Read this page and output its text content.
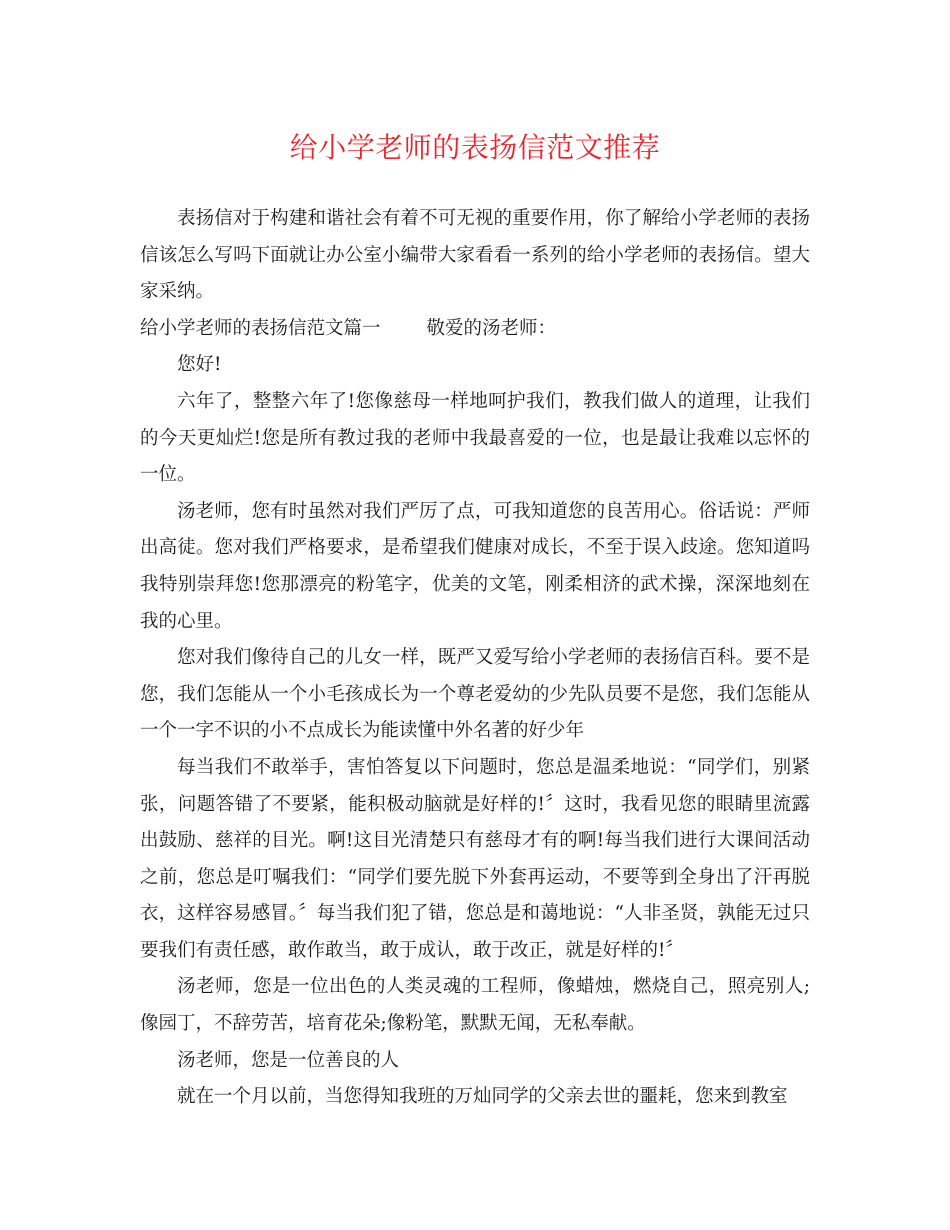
给小学老师的表扬信范文推荐

表扬信对于构建和谐社会有着不可无视的重要作用，你了解给小学老师的表扬信该怎么写吗下面就让办公室小编带大家看看一系列的给小学老师的表扬信。望大家采纳。

给小学老师的表扬信范文篇一 敬爱的汤老师：

您好!

六年了，整整六年了!您像慈母一样地呵护我们，教我们做人的道理，让我们的今天更灿烂!您是所有教过我的老师中我最喜爱的一位，也是最让我难以忘怀的一位。

汤老师，您有时虽然对我们严厉了点，可我知道您的良苦用心。俗话说：严师出高徒。您对我们严格要求，是希望我们健康对成长，不至于误入歧途。您知道吗我特别崇拜您!您那漂亮的粉笔字，优美的文笔，刚柔相济的武术操，深深地刻在我的心里。

您对我们像待自己的儿女一样，既严又爱写给小学老师的表扬信百科。要不是您，我们怎能从一个小毛孩成长为一个尊老爱幼的少先队员要不是您，我们怎能从一个一字不识的小不点成长为能读懂中外名著的好少年

每当我们不敢举手，害怕答复以下问题时，您总是温柔地说：“同学们，别紧张，问题答错了不要紧，能积极动脑就是好样的!〞这时，我看见您的眼睛里流露出鼓励、慈祥的目光。啊!这目光清楚只有慈母才有的啊!每当我们进行大课间活动之前，您总是叮嘱我们：“同学们要先脱下外套再运动，不要等到全身出了汗再脱衣，这样容易感冒。〞每当我们犯了错，您总是和蔼地说：“人非圣贤，孰能无过只要我们有责任感，敢作敢当，敢于成认，敢于改正，就是好样的!〞

汤老师，您是一位出色的人类灵魂的工程师，像蜡烛，燃烧自己，照亮别人;像园丁，不辞劳苦，培育花朵;像粉笔，默默无闻，无私奉献。

汤老师，您是一位善良的人

就在一个月以前，当您得知我班的万灿同学的父亲去世的噩耗，您来到教室
